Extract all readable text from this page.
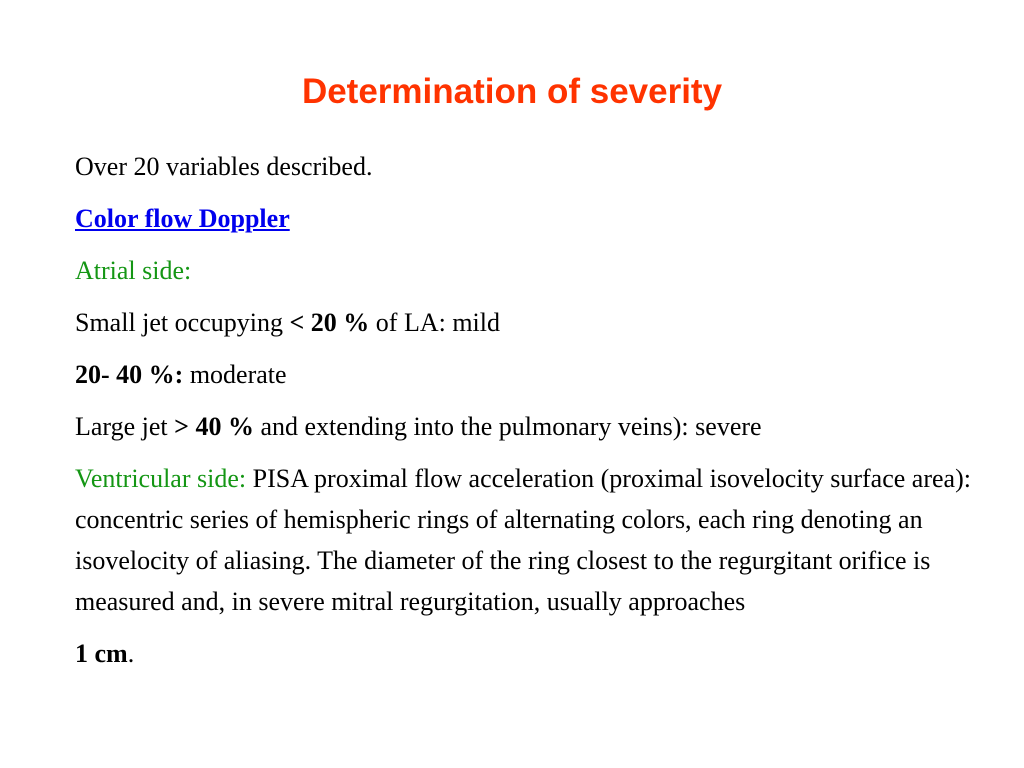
Determination of severity

Over 20 variables described.

Color flow Doppler

Atrial side:

Small jet occupying < 20 % of LA: mild

20- 40 %: moderate

Large jet > 40 % and extending into the pulmonary veins): severe

Ventricular side: PISA proximal flow acceleration (proximal isovelocity surface area): concentric series of hemispheric rings of alternating colors, each ring denoting an isovelocity of aliasing. The diameter of the ring closest to the regurgitant orifice is measured and, in severe mitral regurgitation, usually approaches

1 cm.
